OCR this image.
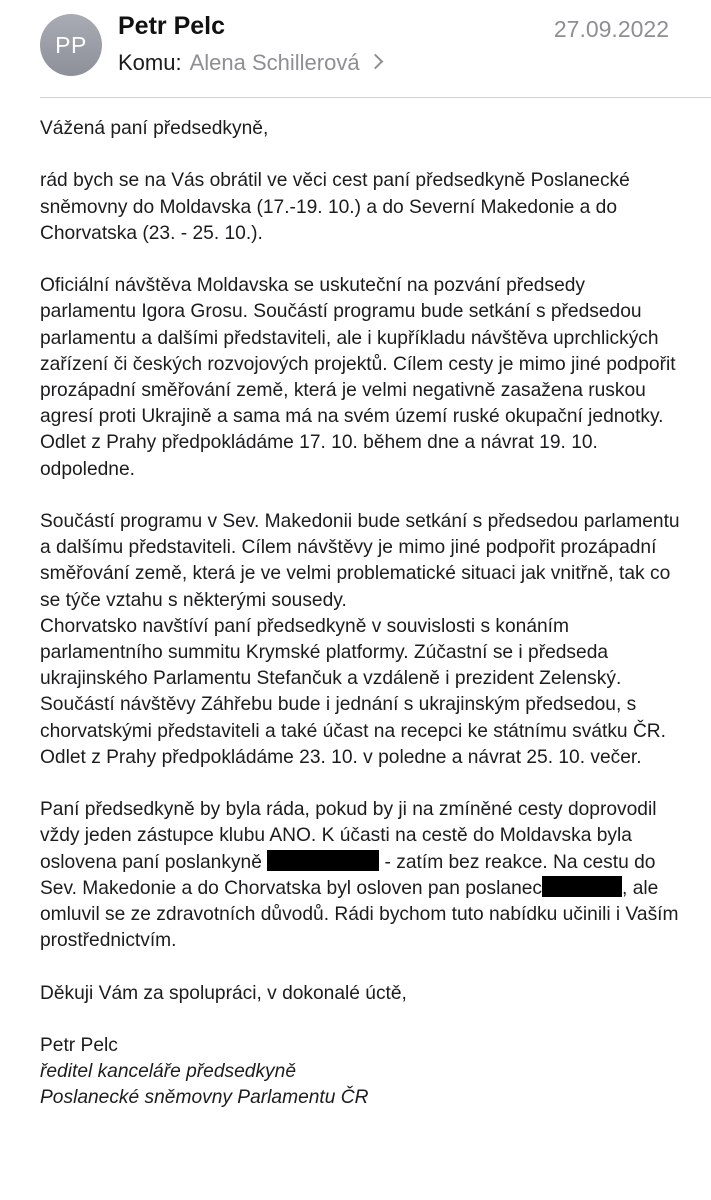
PP
Petr Pelc	27.09.2022
Komu: Alena Schillerová

Vážená paní předsedkyně,

rád bych se na Vás obrátil ve věci cest paní předsedkyně Poslanecké sněmovny do Moldavska (17.-19. 10.) a do Severní Makedonie a do Chorvatska (23. - 25. 10.).

Oficiální návštěva Moldavska se uskuteční na pozvání předsedy parlamentu Igora Grosu. Součástí programu bude setkání s předsedou parlamentu a dalšími představiteli, ale i kupříkladu návštěva uprchlických zařízení či českých rozvojových projektů. Cílem cesty je mimo jiné podpořit prozápadní směřování země, která je velmi negativně zasažena ruskou agresí proti Ukrajině a sama má na svém území ruské okupační jednotky. Odlet z Prahy předpokládáme 17. 10. během dne a návrat 19. 10. odpoledne.

Součástí programu v Sev. Makedonii bude setkání s předsedou parlamentu a dalšímu představiteli. Cílem návštěvy je mimo jiné podpořit prozápadní směřování země, která je ve velmi problematické situaci jak vnitřně, tak co se týče vztahu s některými sousedy.

Chorvatsko navštíví paní předsedkyně v souvislosti s konáním parlamentního summitu Krymské platformy. Zúčastní se i předseda ukrajinského Parlamentu Stefančuk a vzdáleně i prezident Zelenský. Součástí návštěvy Záhřebu bude i jednání s ukrajinským předsedou, s chorvatskými představiteli a také účast na recepci ke státnímu svátku ČR. Odlet z Prahy předpokládáme 23. 10. v poledne a návrat 25. 10. večer.

Paní předsedkyně by byla ráda, pokud by ji na zmíněné cesty doprovodil vždy jeden zástupce klubu ANO. K účasti na cestě do Moldavska byla oslovena paní poslankyně	- zatím bez reakce. Na cestu do Sev. Makedonie a do Chorvatska byl osloven pan poslanec	, ale omluvil se ze zdravotních důvodů. Rádi bychom tuto nabídku učinili i Vaším prostřednictvím.

Děkuji Vám za spolupráci, v dokonalé úctě,

Petr Pelc

ředitel kanceláře předsedkyně

Poslanecké sněmovny Parlamentu ČR
